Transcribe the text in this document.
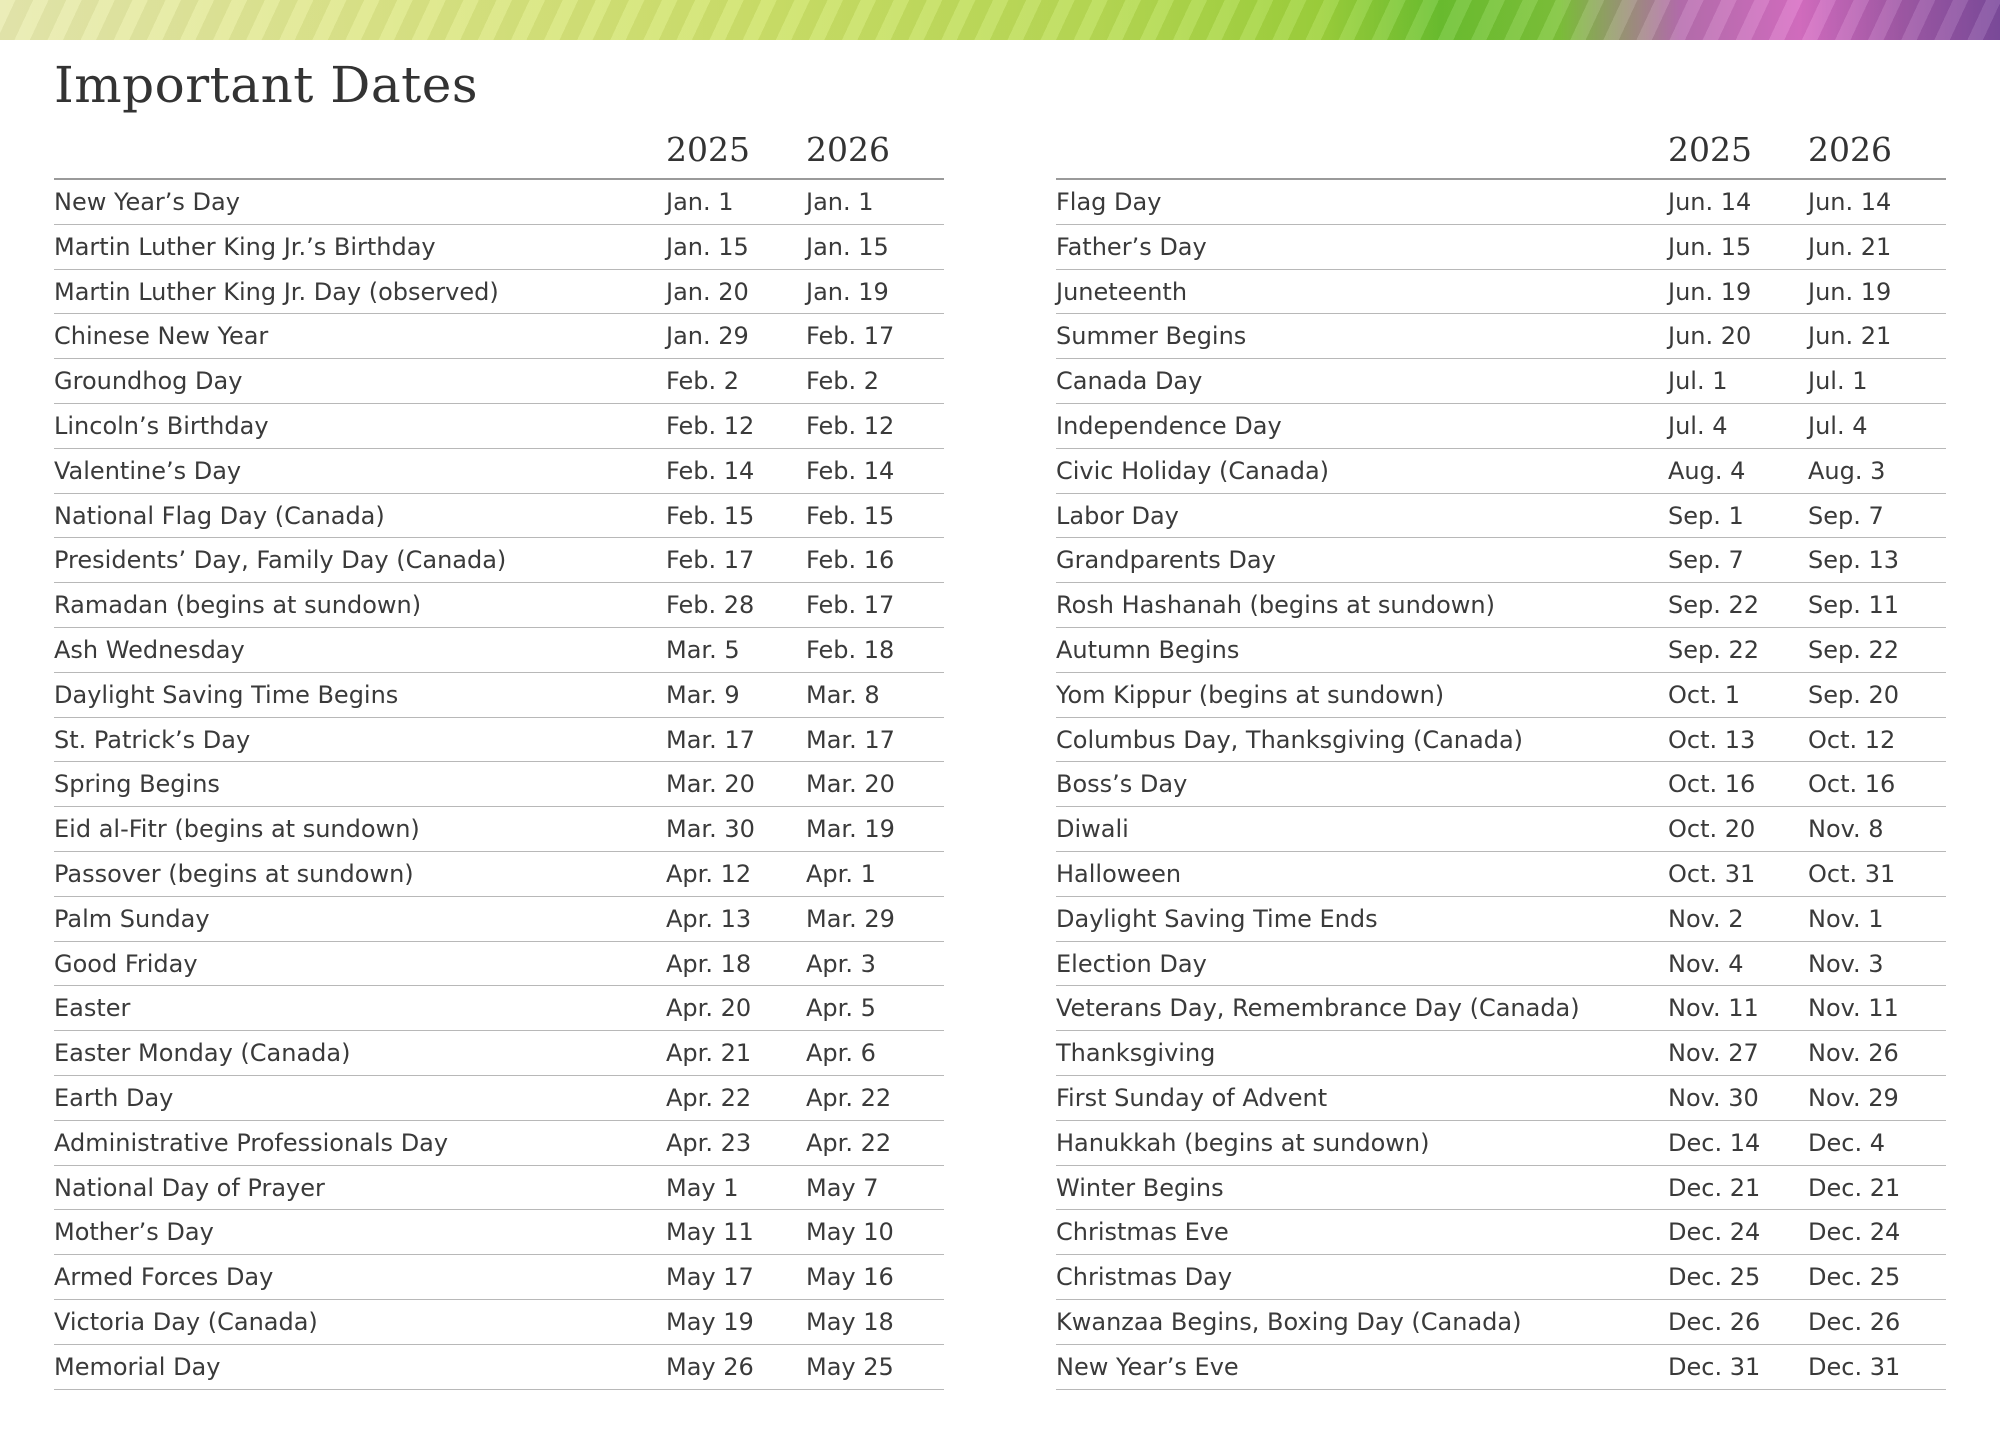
Important Dates
2025 2026
New Year’s Day	Jan. 1	Jan. 1
Martin Luther King Jr.’s Birthday	Jan. 15 Jan. 15
Martin Luther King Jr. Day (observed)	Jan. 20 Jan. 19
Chinese New Year	Jan. 29 Feb. 17
Groundhog Day	Feb. 2	Feb. 2
Lincoln’s Birthday	Feb. 12 Feb. 12
Valentine’s Day	Feb. 14 Feb. 14
National Flag Day (Canada)	Feb. 15 Feb. 15
Presidents’ Day, Family Day (Canada)	Feb. 17 Feb. 16
Ramadan (begins at sundown)	Feb. 28 Feb. 17
Ash Wednesday	Mar. 5	Feb. 18
Daylight Saving Time Begins	Mar. 9	Mar. 8
St. Patrick’s Day	Mar. 17 Mar. 17
Spring Begins	Mar. 20 Mar. 20
Eid al-Fitr (begins at sundown)	Mar. 30 Mar. 19
Passover (begins at sundown)	Apr. 12 Apr. 1
Palm Sunday	Apr. 13 Mar. 29
Good Friday	Apr. 18 Apr. 3
Easter	Apr. 20 Apr. 5
Easter Monday (Canada)	Apr. 21 Apr. 6
Earth Day	Apr. 22 Apr. 22
Administrative Professionals Day	Apr. 23 Apr. 22
National Day of Prayer	May 1	May 7
Mother’s Day	May 11 May 10
Armed Forces Day	May 17 May 16
Victoria Day (Canada)	May 19 May 18
Memorial Day	May 26 May 25
2025 2026
Flag Day	Jun. 14 Jun. 14
Father’s Day	Jun. 15 Jun. 21
Juneteenth	Jun. 19 Jun. 19
Summer Begins	Jun. 20 Jun. 21
Canada Day	Jul. 1	Jul. 1
Independence Day	Jul. 4	Jul. 4
Civic Holiday (Canada)	Aug. 4	Aug. 3
Labor Day	Sep. 1	Sep. 7
Grandparents Day	Sep. 7	Sep. 13
Rosh Hashanah (begins at sundown)	Sep. 22 Sep. 11
Autumn Begins	Sep. 22 Sep. 22
Yom Kippur (begins at sundown)	Oct. 1	Sep. 20
Columbus Day, Thanksgiving (Canada)	Oct. 13 Oct. 12
Boss’s Day	Oct. 16 Oct. 16
Diwali	Oct. 20 Nov. 8
Halloween	Oct. 31 Oct. 31
Daylight Saving Time Ends	Nov. 2	Nov. 1
Election Day	Nov. 4	Nov. 3
Veterans Day, Remembrance Day (Canada)	Nov. 11 Nov. 11
Thanksgiving	Nov. 27 Nov. 26
First Sunday of Advent	Nov. 30 Nov. 29
Hanukkah (begins at sundown)	Dec. 14 Dec. 4
Winter Begins	Dec. 21 Dec. 21
Christmas Eve	Dec. 24 Dec. 24
Christmas Day	Dec. 25 Dec. 25
Kwanzaa Begins, Boxing Day (Canada)	Dec. 26 Dec. 26
New Year’s Eve	Dec. 31 Dec. 31
